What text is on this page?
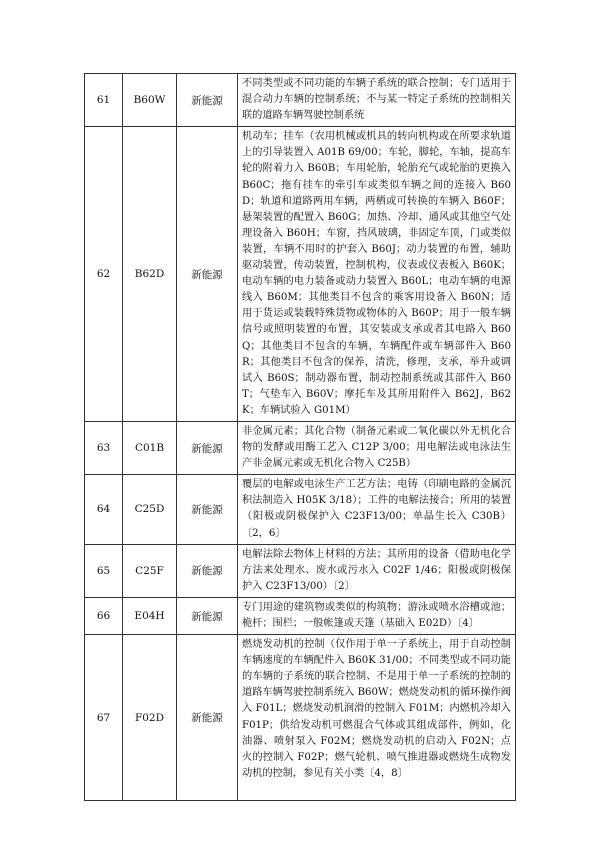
61	B60W	新能源	不同类型或不同功能的车辆子系统的联合控制；专门适用于混合动力车辆的控制系统；不与某一特定子系统的控制相关联的道路车辆驾驶控制系统
62	B62D	新能源	机动车；挂车（农用机械或机具的转向机构或在所要求轨道上的引导装置入 A01B 69/00；车轮，脚轮，车轴，提高车轮的附着力入 B60B；车用轮胎，轮胎充气或轮胎的更换入 B60C；拖有挂车的牵引车或类似车辆之间的连接入 B60D；轨道和道路两用车辆，两栖或可转换的车辆入 B60F；悬架装置的配置入 B60G；加热、冷却、通风或其他空气处理设备入 B60H；车窗，挡风玻璃，非固定车顶，门或类似装置，车辆不用时的护套入 B60J；动力装置的布置，辅助驱动装置，传动装置，控制机构，仪表或仪表板入 B60K；电动车辆的电力装备或动力装置入 B60L；电动车辆的电源线入 B60M；其他类目不包含的乘客用设备入 B60N；适用于货运或装载特殊货物或物体的入 B60P；用于一般车辆信号或照明装置的布置，其安装或支承或者其电路入 B60Q；其他类目不包含的车辆，车辆配件或车辆部件入 B60R；其他类目不包含的保养，清洗，修理，支承，举升或调试入 B60S；制动器布置，制动控制系统或其部件入 B60T；气垫车入 B60V；摩托车及其所用附件入 B62J，B62K；车辆试验入 G01M）
63	C01B	新能源	非金属元素；其化合物（制备元素或二氧化碳以外无机化合物的发酵或用酶工艺入 C12P 3/00；用电解法或电泳法生产非金属元素或无机化合物入 C25B）
64	C25D	新能源	覆层的电解或电泳生产工艺方法；电铸（印刷电路的金属沉积法制造入 H05K 3/18）；工件的电解法接合；所用的装置（阳极或阴极保护入 C23F13/00；单晶生长入 C30B）〔2，6〕
65	C25F	新能源	电解法除去物体上材料的方法；其所用的设备（借助电化学方法来处理水、废水或污水入 C02F 1/46；阳极或阴极保护入 C23F13/00）〔2〕
66	E04H	新能源	专门用途的建筑物或类似的构筑物；游泳或喷水浴槽或池；桅杆；围栏；一般帐篷或天篷（基础入 E02D）〔4〕
67	F02D	新能源	燃烧发动机的控制（仅作用于单一子系统上，用于自动控制车辆速度的车辆配件入 B60K 31/00；不同类型或不同功能的车辆的子系统的联合控制、不是用于单一子系统的控制的道路车辆驾驶控制系统入 B60W；燃烧发动机的循环操作阀入 F01L；燃烧发动机润滑的控制入 F01M；内燃机冷却入 F01P；供给发动机可燃混合气体或其组成部件，例如，化油器、喷射泵入 F02M；燃烧发动机的启动入 F02N；点火的控制入 F02P；燃气轮机、喷气推进器或燃烧生成物发动机的控制，参见有关小类〔4，8〕
